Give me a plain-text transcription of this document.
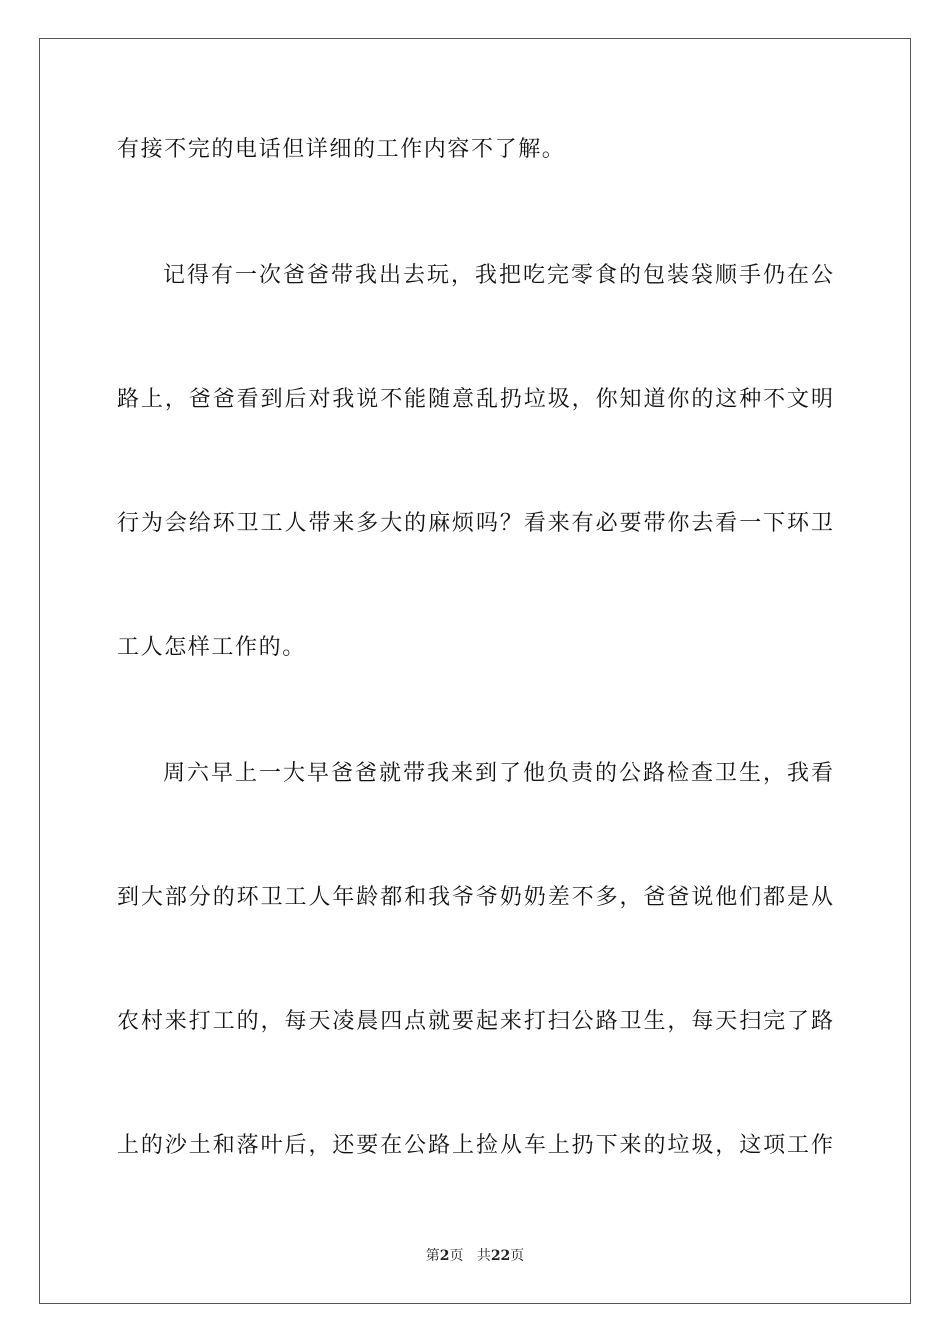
有接不完的电话但详细的工作内容不了解。
记得有一次爸爸带我出去玩，我把吃完零食的包装袋顺手仍在公
路上，爸爸看到后对我说不能随意乱扔垃圾，你知道你的这种不文明
行为会给环卫工人带来多大的麻烦吗？看来有必要带你去看一下环卫
工人怎样工作的。
周六早上一大早爸爸就带我来到了他负责的公路检查卫生，我看
到大部分的环卫工人年龄都和我爷爷奶奶差不多，爸爸说他们都是从
农村来打工的，每天凌晨四点就要起来打扫公路卫生，每天扫完了路
上的沙土和落叶后，还要在公路上捡从车上扔下来的垃圾，这项工作
第2页 共22页
